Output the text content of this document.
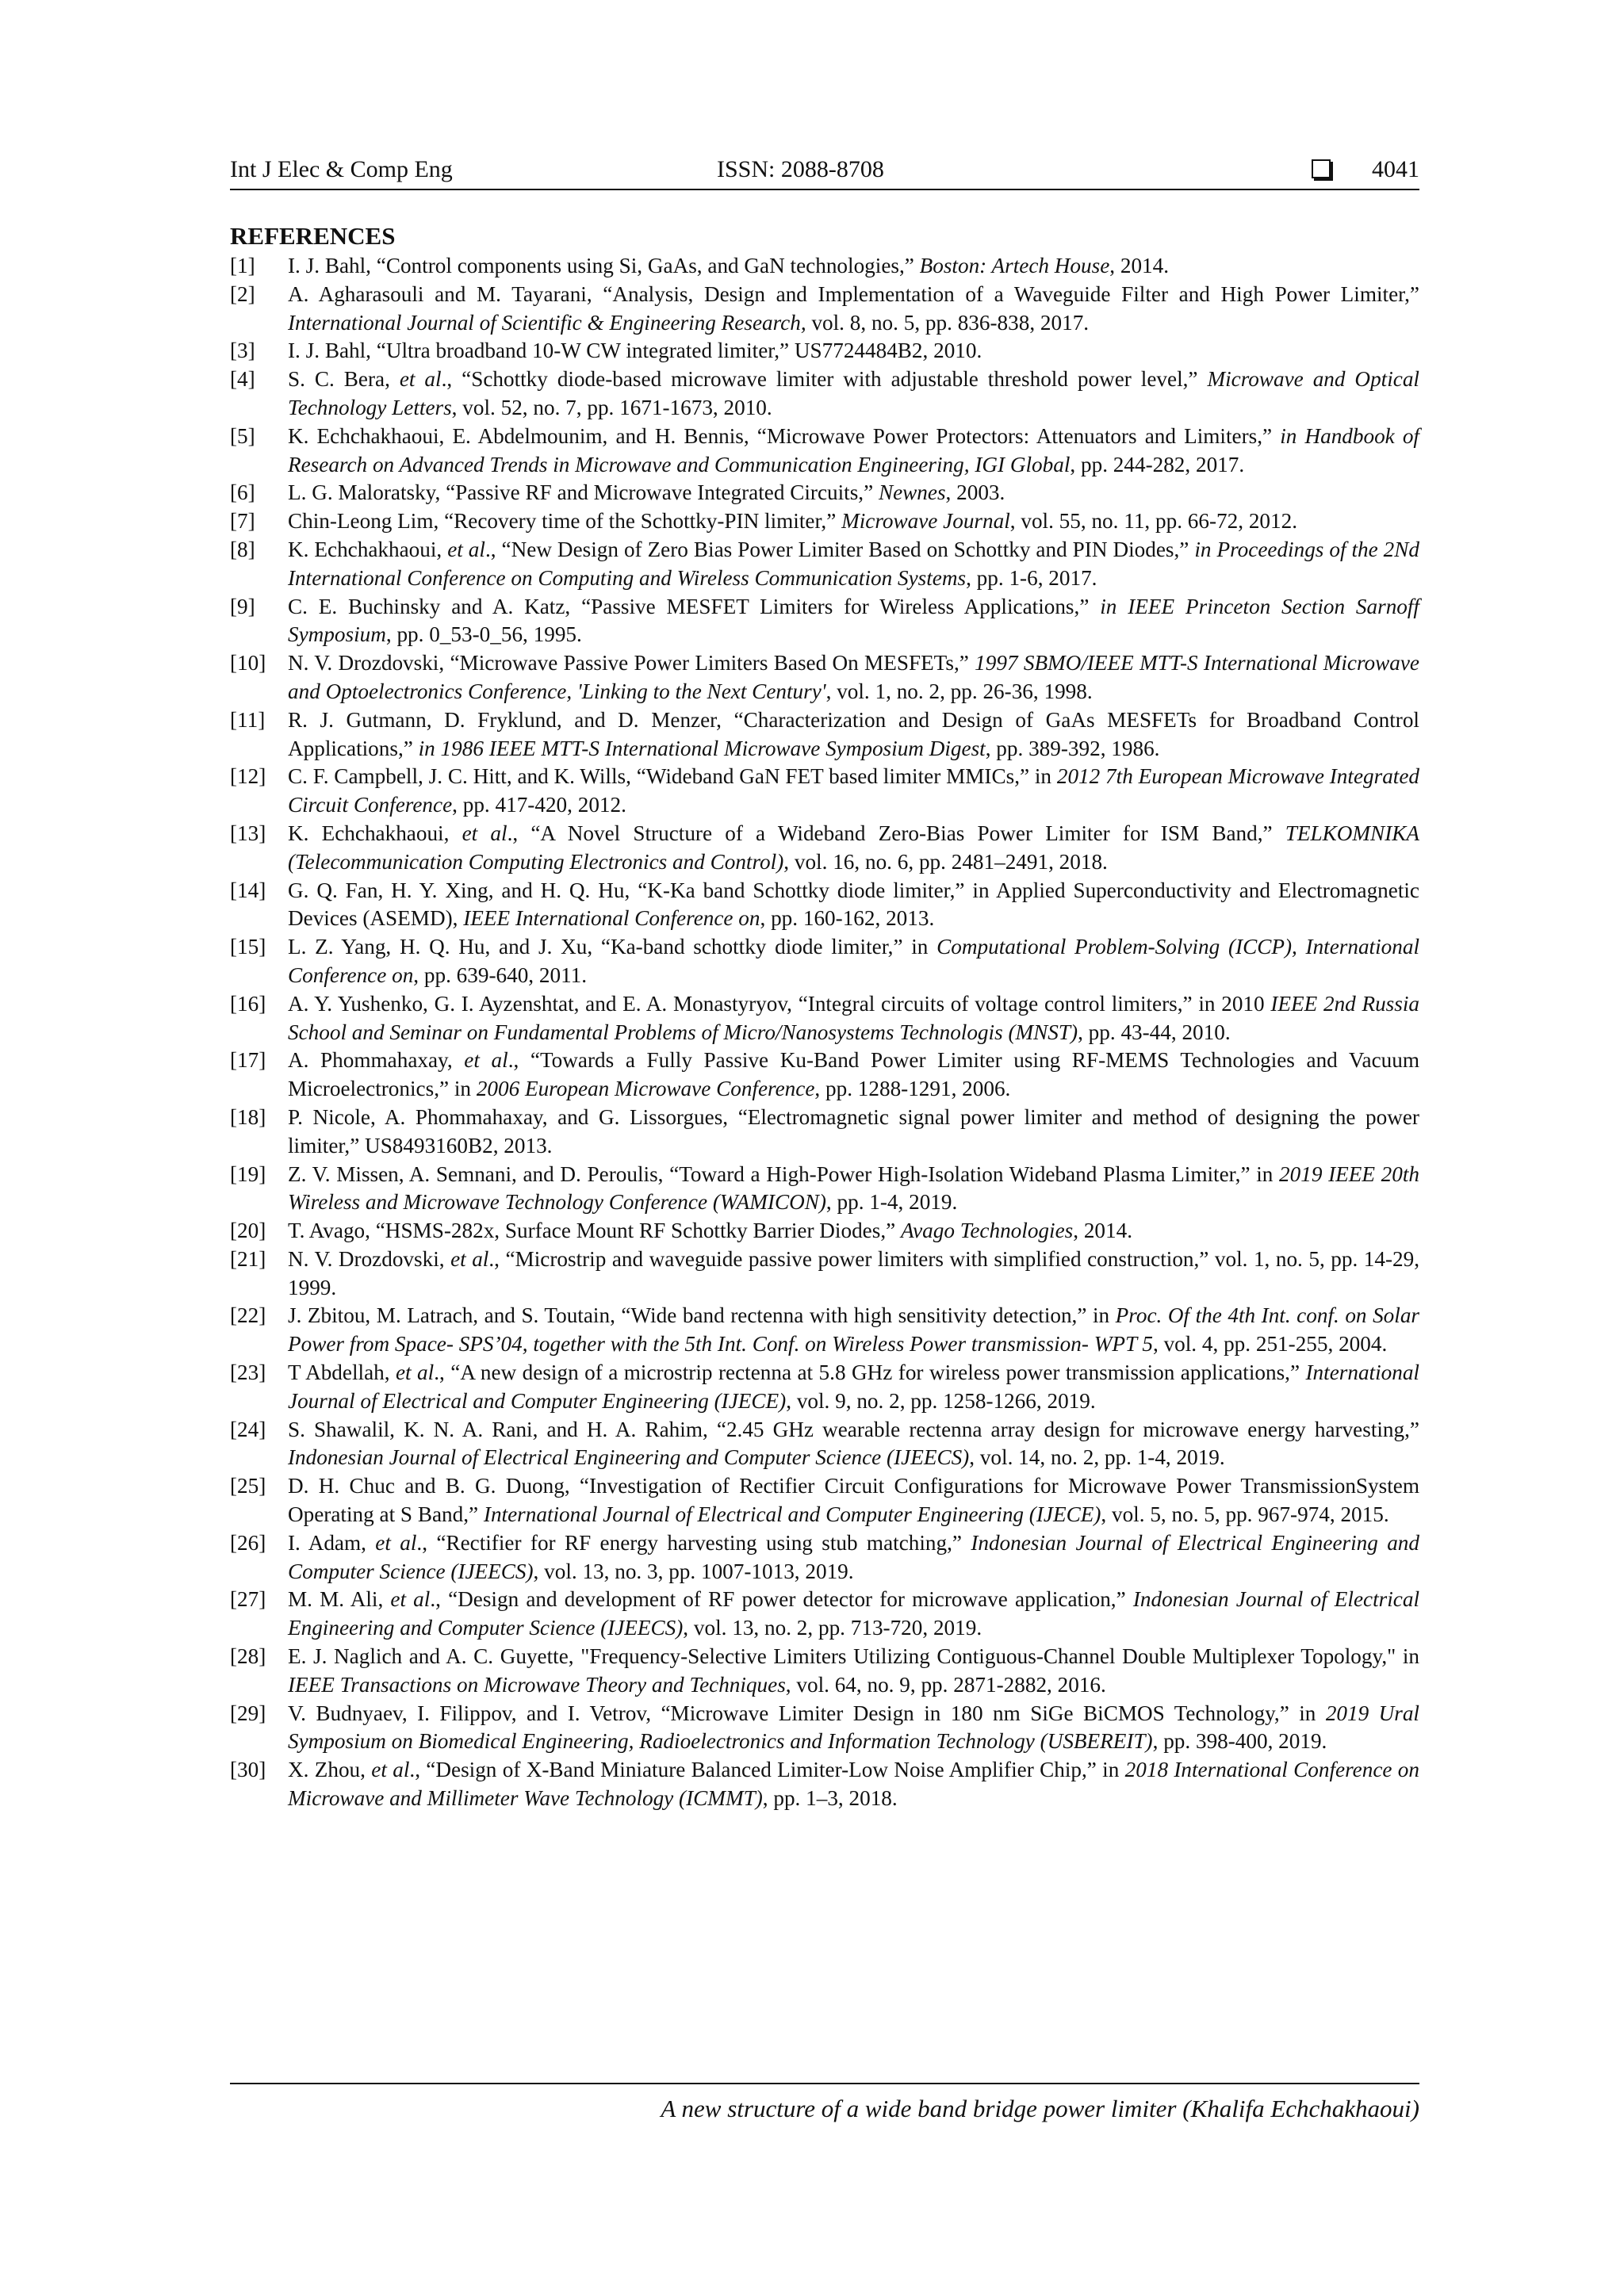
Int J Elec & Comp Eng	ISSN: 2088-8708	4041
REFERENCES
[1] I. J. Bahl, “Control components using Si, GaAs, and GaN technologies,” Boston: Artech House, 2014.
[2] A. Agharasouli and M. Tayarani, “Analysis, Design and Implementation of a Waveguide Filter and High Power Limiter,” International Journal of Scientific & Engineering Research, vol. 8, no. 5, pp. 836-838, 2017.
[3] I. J. Bahl, “Ultra broadband 10-W CW integrated limiter,” US7724484B2, 2010.
[4] S. C. Bera, et al., “Schottky diode-based microwave limiter with adjustable threshold power level,” Microwave and Optical Technology Letters, vol. 52, no. 7, pp. 1671-1673, 2010.
[5] K. Echchakhaoui, E. Abdelmounim, and H. Bennis, “Microwave Power Protectors: Attenuators and Limiters,” in Handbook of Research on Advanced Trends in Microwave and Communication Engineering, IGI Global, pp. 244-282, 2017.
[6] L. G. Maloratsky, “Passive RF and Microwave Integrated Circuits,” Newnes, 2003.
[7] Chin-Leong Lim, “Recovery time of the Schottky-PIN limiter,” Microwave Journal, vol. 55, no. 11, pp. 66-72, 2012.
[8] K. Echchakhaoui, et al., “New Design of Zero Bias Power Limiter Based on Schottky and PIN Diodes,” in Proceedings of the 2Nd International Conference on Computing and Wireless Communication Systems, pp. 1-6, 2017.
[9] C. E. Buchinsky and A. Katz, “Passive MESFET Limiters for Wireless Applications,” in IEEE Princeton Section Sarnoff Symposium, pp. 0_53-0_56, 1995.
[10] N. V. Drozdovski, “Microwave Passive Power Limiters Based On MESFETs,” 1997 SBMO/IEEE MTT-S International Microwave and Optoelectronics Conference, 'Linking to the Next Century', vol. 1, no. 2, pp. 26-36, 1998.
[11] R. J. Gutmann, D. Fryklund, and D. Menzer, “Characterization and Design of GaAs MESFETs for Broadband Control Applications,” in 1986 IEEE MTT-S International Microwave Symposium Digest, pp. 389-392, 1986.
[12] C. F. Campbell, J. C. Hitt, and K. Wills, “Wideband GaN FET based limiter MMICs,” in 2012 7th European Microwave Integrated Circuit Conference, pp. 417-420, 2012.
[13] K. Echchakhaoui, et al., “A Novel Structure of a Wideband Zero-Bias Power Limiter for ISM Band,” TELKOMNIKA (Telecommunication Computing Electronics and Control), vol. 16, no. 6, pp. 2481–2491, 2018.
[14] G. Q. Fan, H. Y. Xing, and H. Q. Hu, “K-Ka band Schottky diode limiter,” in Applied Superconductivity and Electromagnetic Devices (ASEMD), IEEE International Conference on, pp. 160-162, 2013.
[15] L. Z. Yang, H. Q. Hu, and J. Xu, “Ka-band schottky diode limiter,” in Computational Problem-Solving (ICCP), International Conference on, pp. 639-640, 2011.
[16] A. Y. Yushenko, G. I. Ayzenshtat, and E. A. Monastyryov, “Integral circuits of voltage control limiters,” in 2010 IEEE 2nd Russia School and Seminar on Fundamental Problems of Micro/Nanosystems Technologis (MNST), pp. 43-44, 2010.
[17] A. Phommahaxay, et al., “Towards a Fully Passive Ku-Band Power Limiter using RF-MEMS Technologies and Vacuum Microelectronics,” in 2006 European Microwave Conference, pp. 1288-1291, 2006.
[18] P. Nicole, A. Phommahaxay, and G. Lissorgues, “Electromagnetic signal power limiter and method of designing the power limiter,” US8493160B2, 2013.
[19] Z. V. Missen, A. Semnani, and D. Peroulis, “Toward a High-Power High-Isolation Wideband Plasma Limiter,” in 2019 IEEE 20th Wireless and Microwave Technology Conference (WAMICON), pp. 1-4, 2019.
[20] T. Avago, “HSMS-282x, Surface Mount RF Schottky Barrier Diodes,” Avago Technologies, 2014.
[21] N. V. Drozdovski, et al., “Microstrip and waveguide passive power limiters with simplified construction,” vol. 1, no. 5, pp. 14-29, 1999.
[22] J. Zbitou, M. Latrach, and S. Toutain, “Wide band rectenna with high sensitivity detection,” in Proc. Of the 4th Int. conf. on Solar Power from Space- SPS’04, together with the 5th Int. Conf. on Wireless Power transmission- WPT 5, vol. 4, pp. 251-255, 2004.
[23] T Abdellah, et al., “A new design of a microstrip rectenna at 5.8 GHz for wireless power transmission applications,” International Journal of Electrical and Computer Engineering (IJECE), vol. 9, no. 2, pp. 1258-1266, 2019.
[24] S. Shawalil, K. N. A. Rani, and H. A. Rahim, “2.45 GHz wearable rectenna array design for microwave energy harvesting,” Indonesian Journal of Electrical Engineering and Computer Science (IJEECS), vol. 14, no. 2, pp. 1-4, 2019.
[25] D. H. Chuc and B. G. Duong, “Investigation of Rectifier Circuit Configurations for Microwave Power TransmissionSystem Operating at S Band,” International Journal of Electrical and Computer Engineering (IJECE), vol. 5, no. 5, pp. 967-974, 2015.
[26] I. Adam, et al., “Rectifier for RF energy harvesting using stub matching,” Indonesian Journal of Electrical Engineering and Computer Science (IJEECS), vol. 13, no. 3, pp. 1007-1013, 2019.
[27] M. M. Ali, et al., “Design and development of RF power detector for microwave application,” Indonesian Journal of Electrical Engineering and Computer Science (IJEECS), vol. 13, no. 2, pp. 713-720, 2019.
[28] E. J. Naglich and A. C. Guyette, "Frequency-Selective Limiters Utilizing Contiguous-Channel Double Multiplexer Topology," in IEEE Transactions on Microwave Theory and Techniques, vol. 64, no. 9, pp. 2871-2882, 2016.
[29] V. Budnyaev, I. Filippov, and I. Vetrov, “Microwave Limiter Design in 180 nm SiGe BiCMOS Technology,” in 2019 Ural Symposium on Biomedical Engineering, Radioelectronics and Information Technology (USBEREIT), pp. 398-400, 2019.
[30] X. Zhou, et al., “Design of X-Band Miniature Balanced Limiter-Low Noise Amplifier Chip,” in 2018 International Conference on Microwave and Millimeter Wave Technology (ICMMT), pp. 1–3, 2018.
A new structure of a wide band bridge power limiter (Khalifa Echchakhaoui)
